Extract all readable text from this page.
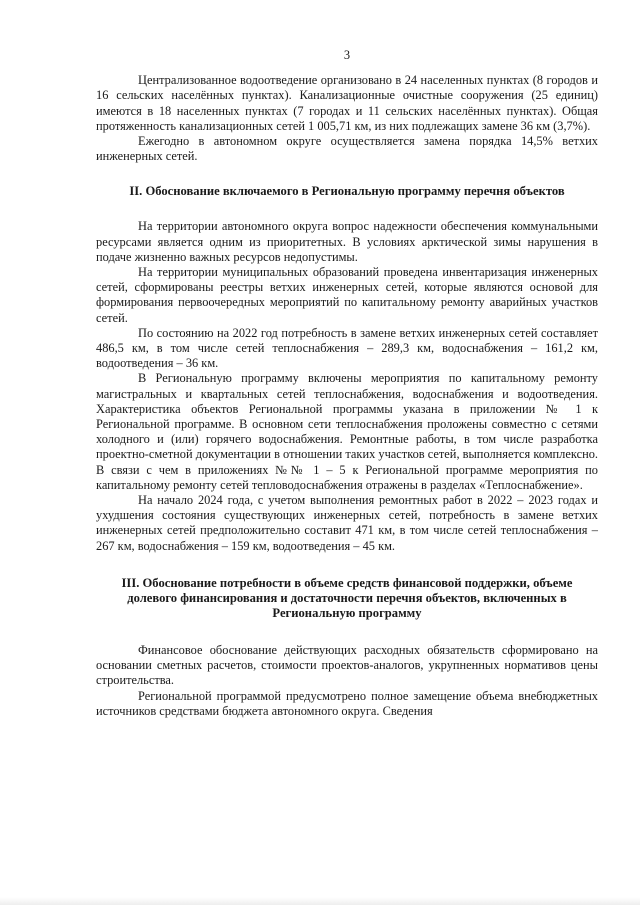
3

Централизованное водоотведение организовано в 24 населенных пунктах (8 городов и 16 сельских населённых пунктах). Канализационные очистные сооружения (25 единиц) имеются в 18 населенных пунктах (7 городах и 11 сельских населённых пунктах). Общая протяженность канализационных сетей 1 005,71 км, из них подлежащих замене 36 км (3,7%).

Ежегодно в автономном округе осуществляется замена порядка 14,5% ветхих инженерных сетей.

II. Обоснование включаемого в Региональную программу перечня объектов

На территории автономного округа вопрос надежности обеспечения коммунальными ресурсами является одним из приоритетных. В условиях арктической зимы нарушения в подаче жизненно важных ресурсов недопустимы.

На территории муниципальных образований проведена инвентаризация инженерных сетей, сформированы реестры ветхих инженерных сетей, которые являются основой для формирования первоочередных мероприятий по капитальному ремонту аварийных участков сетей.

По состоянию на 2022 год потребность в замене ветхих инженерных сетей составляет 486,5 км, в том числе сетей теплоснабжения – 289,3 км, водоснабжения – 161,2 км, водоотведения – 36 км.

В Региональную программу включены мероприятия по капитальному ремонту магистральных и квартальных сетей теплоснабжения, водоснабжения и водоотведения. Характеристика объектов Региональной программы указана в приложении № 1 к Региональной программе. В основном сети теплоснабжения проложены совместно с сетями холодного и (или) горячего водоснабжения. Ремонтные работы, в том числе разработка проектно-сметной документации в отношении таких участков сетей, выполняется комплексно. В связи с чем в приложениях №№ 1 – 5 к Региональной программе мероприятия по капитальному ремонту сетей тепловодоснабжения отражены в разделах «Теплоснабжение».

На начало 2024 года, с учетом выполнения ремонтных работ в 2022 – 2023 годах и ухудшения состояния существующих инженерных сетей, потребность в замене ветхих инженерных сетей предположительно составит 471 км, в том числе сетей теплоснабжения – 267 км, водоснабжения – 159 км, водоотведения – 45 км.

III. Обоснование потребности в объеме средств финансовой поддержки, объеме долевого финансирования и достаточности перечня объектов, включенных в Региональную программу

Финансовое обоснование действующих расходных обязательств сформировано на основании сметных расчетов, стоимости проектов-аналогов, укрупненных нормативов цены строительства.

Региональной программой предусмотрено полное замещение объема внебюджетных источников средствами бюджета автономного округа. Сведения
